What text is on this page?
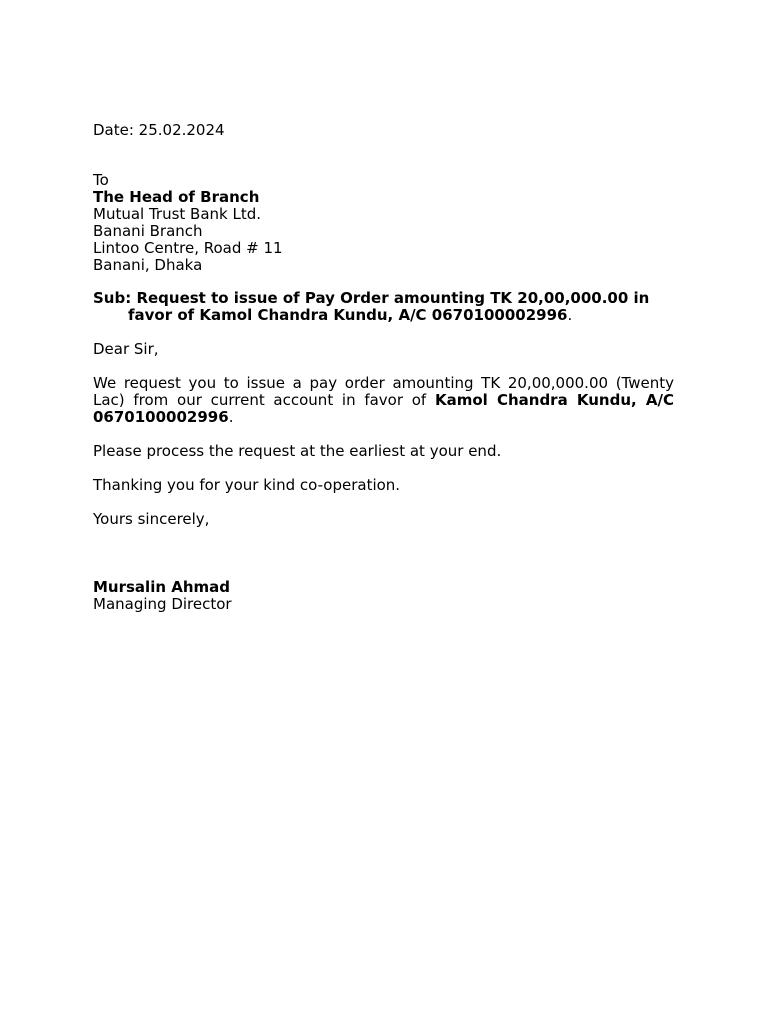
Date: 25.02.2024
To
The Head of Branch
Mutual Trust Bank Ltd.
Banani Branch
Lintoo Centre, Road # 11
Banani, Dhaka
Sub: Request to issue of Pay Order amounting TK 20,00,000.00 in
favor of Kamol Chandra Kundu, A/C 0670100002996.
Dear Sir,
We request you to issue a pay order amounting TK 20,00,000.00 (Twenty Lac) from our current account in favor of Kamol Chandra Kundu, A/C 0670100002996.
Please process the request at the earliest at your end.
Thanking you for your kind co-operation.
Yours sincerely,
Mursalin Ahmad
Managing Director
